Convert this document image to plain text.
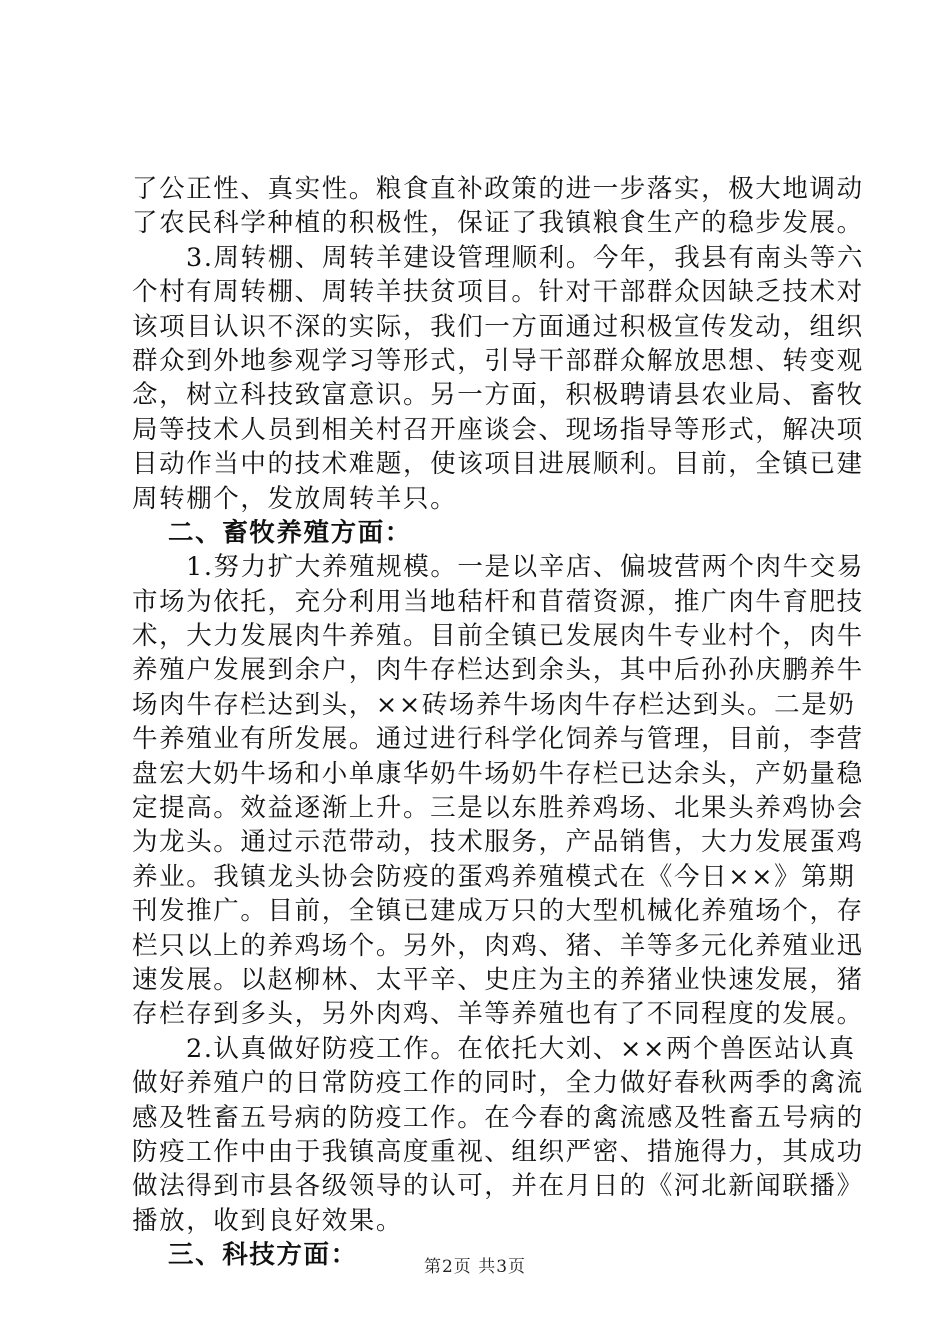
了公正性、真实性。粮食直补政策的进一步落实，极大地调动
了农民科学种植的积极性，保证了我镇粮食生产的稳步发展。
3.周转棚、周转羊建设管理顺利。今年，我县有南头等六
个村有周转棚、周转羊扶贫项目。针对干部群众因缺乏技术对
该项目认识不深的实际，我们一方面通过积极宣传发动，组织
群众到外地参观学习等形式，引导干部群众解放思想、转变观
念，树立科技致富意识。另一方面，积极聘请县农业局、畜牧
局等技术人员到相关村召开座谈会、现场指导等形式，解决项
目动作当中的技术难题，使该项目进展顺利。目前，全镇已建
周转棚个，发放周转羊只。
二、畜牧养殖方面：
1.努力扩大养殖规模。一是以辛店、偏坡营两个肉牛交易
市场为依托，充分利用当地秸杆和苜蓿资源，推广肉牛育肥技
术，大力发展肉牛养殖。目前全镇已发展肉牛专业村个，肉牛
养殖户发展到余户，肉牛存栏达到余头，其中后孙孙庆鹏养牛
场肉牛存栏达到头，××砖场养牛场肉牛存栏达到头。二是奶
牛养殖业有所发展。通过进行科学化饲养与管理，目前，李营
盘宏大奶牛场和小单康华奶牛场奶牛存栏已达余头，产奶量稳
定提高。效益逐渐上升。三是以东胜养鸡场、北果头养鸡协会
为龙头。通过示范带动，技术服务，产品销售，大力发展蛋鸡
养业。我镇龙头协会防疫的蛋鸡养殖模式在《今日××》第期
刊发推广。目前，全镇已建成万只的大型机械化养殖场个，存
栏只以上的养鸡场个。另外，肉鸡、猪、羊等多元化养殖业迅
速发展。以赵柳林、太平辛、史庄为主的养猪业快速发展，猪
存栏存到多头，另外肉鸡、羊等养殖也有了不同程度的发展。
2.认真做好防疫工作。在依托大刘、××两个兽医站认真
做好养殖户的日常防疫工作的同时，全力做好春秋两季的禽流
感及牲畜五号病的防疫工作。在今春的禽流感及牲畜五号病的
防疫工作中由于我镇高度重视、组织严密、措施得力，其成功
做法得到市县各级领导的认可，并在月日的《河北新闻联播》
播放，收到良好效果。
三、科技方面：	第2页 共3页
